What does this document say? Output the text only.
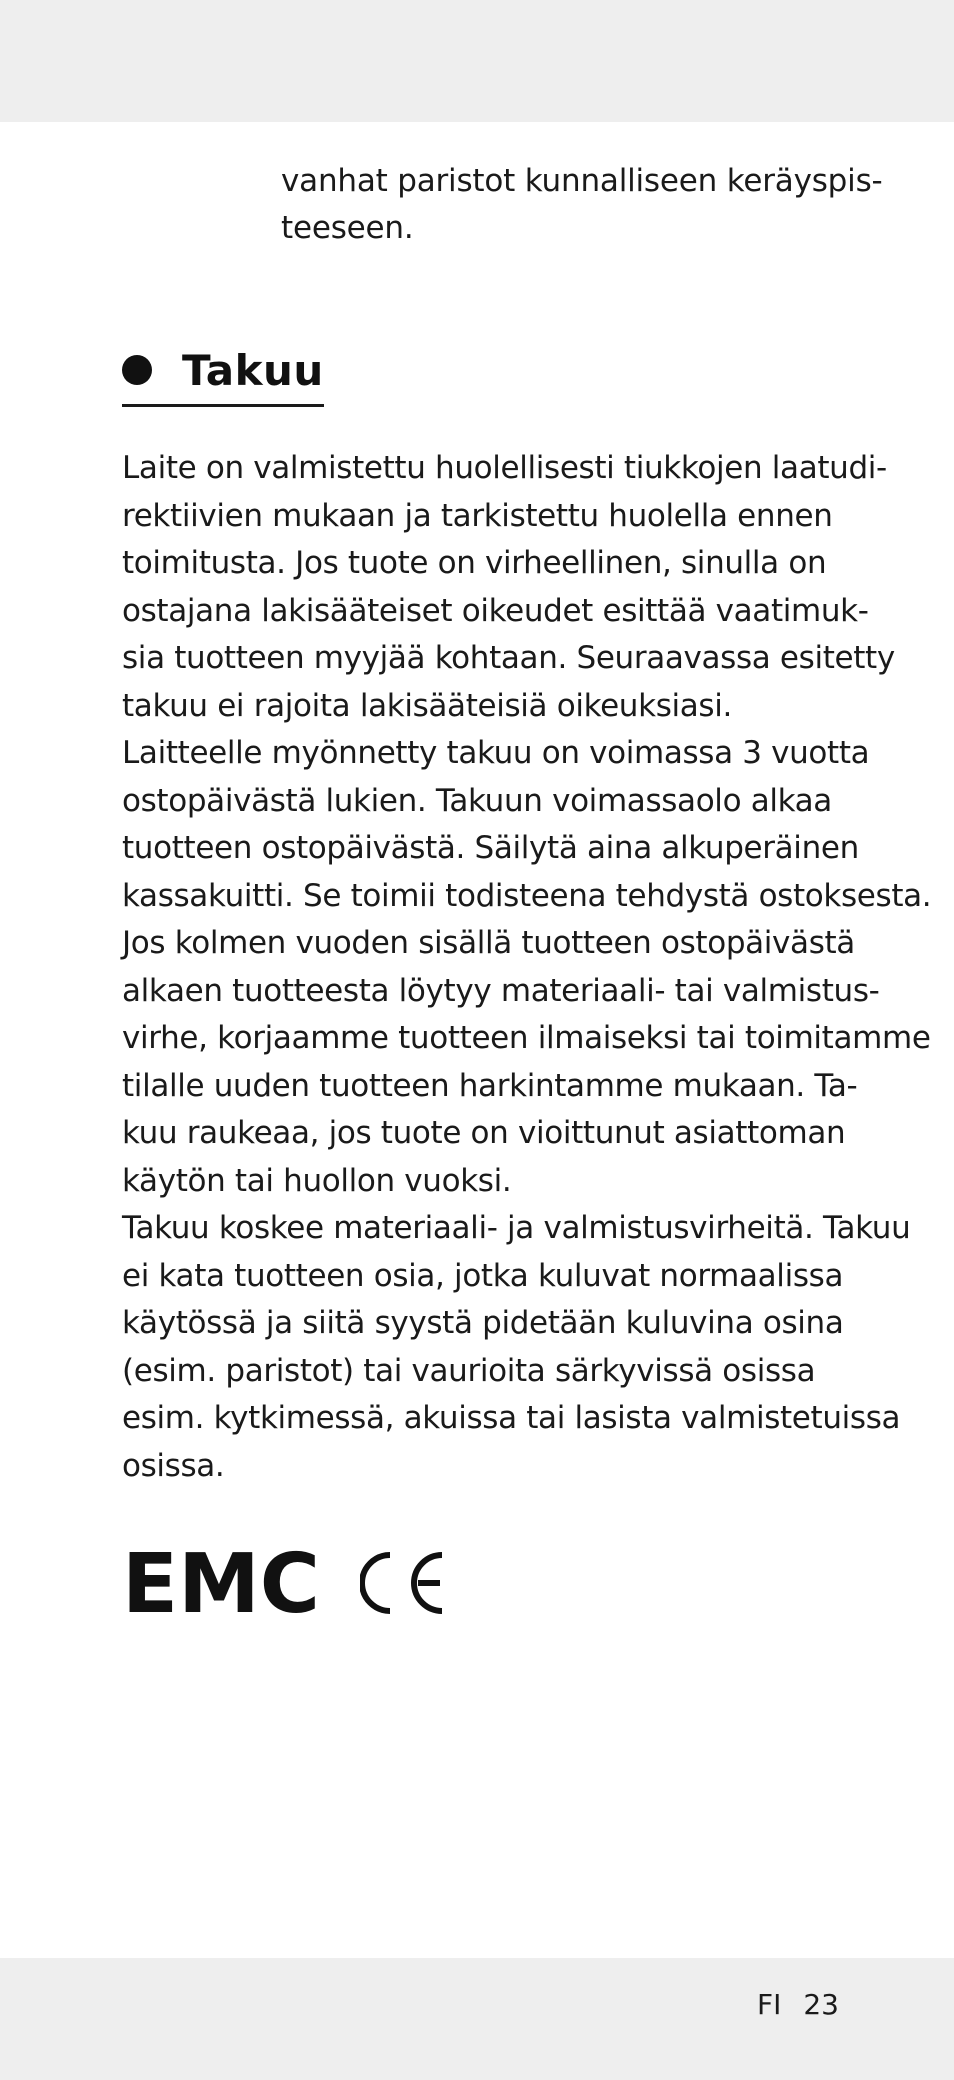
vanhat paristot kunnalliseen keräyspis-
teeseen.
Takuu
Laite on valmistettu huolellisesti tiukkojen laatudi-
rektiivien mukaan ja tarkistettu huolella ennen
toimitusta. Jos tuote on virheellinen, sinulla on
ostajana lakisääteiset oikeudet esittää vaatimuk-
sia tuotteen myyjää kohtaan. Seuraavassa esitetty
takuu ei rajoita lakisääteisiä oikeuksiasi.
Laitteelle myönnetty takuu on voimassa 3 vuotta
ostopäivästä lukien. Takuun voimassaolo alkaa
tuotteen ostopäivästä. Säilytä aina alkuperäinen
kassakuitti. Se toimii todisteena tehdystä ostoksesta.
Jos kolmen vuoden sisällä tuotteen ostopäivästä
alkaen tuotteesta löytyy materiaali- tai valmistus-
virhe, korjaamme tuotteen ilmaiseksi tai toimitamme
tilalle uuden tuotteen harkintamme mukaan. Ta-
kuu raukeaa, jos tuote on vioittunut asiattoman
käytön tai huollon vuoksi.
Takuu koskee materiaali- ja valmistusvirheitä. Takuu
ei kata tuotteen osia, jotka kuluvat normaalissa
käytössä ja siitä syystä pidetään kuluvina osina
(esim. paristot) tai vaurioita särkyvissä osissa
esim. kytkimessä, akuissa tai lasista valmistetuissa
osissa.
EMC
FI 23
